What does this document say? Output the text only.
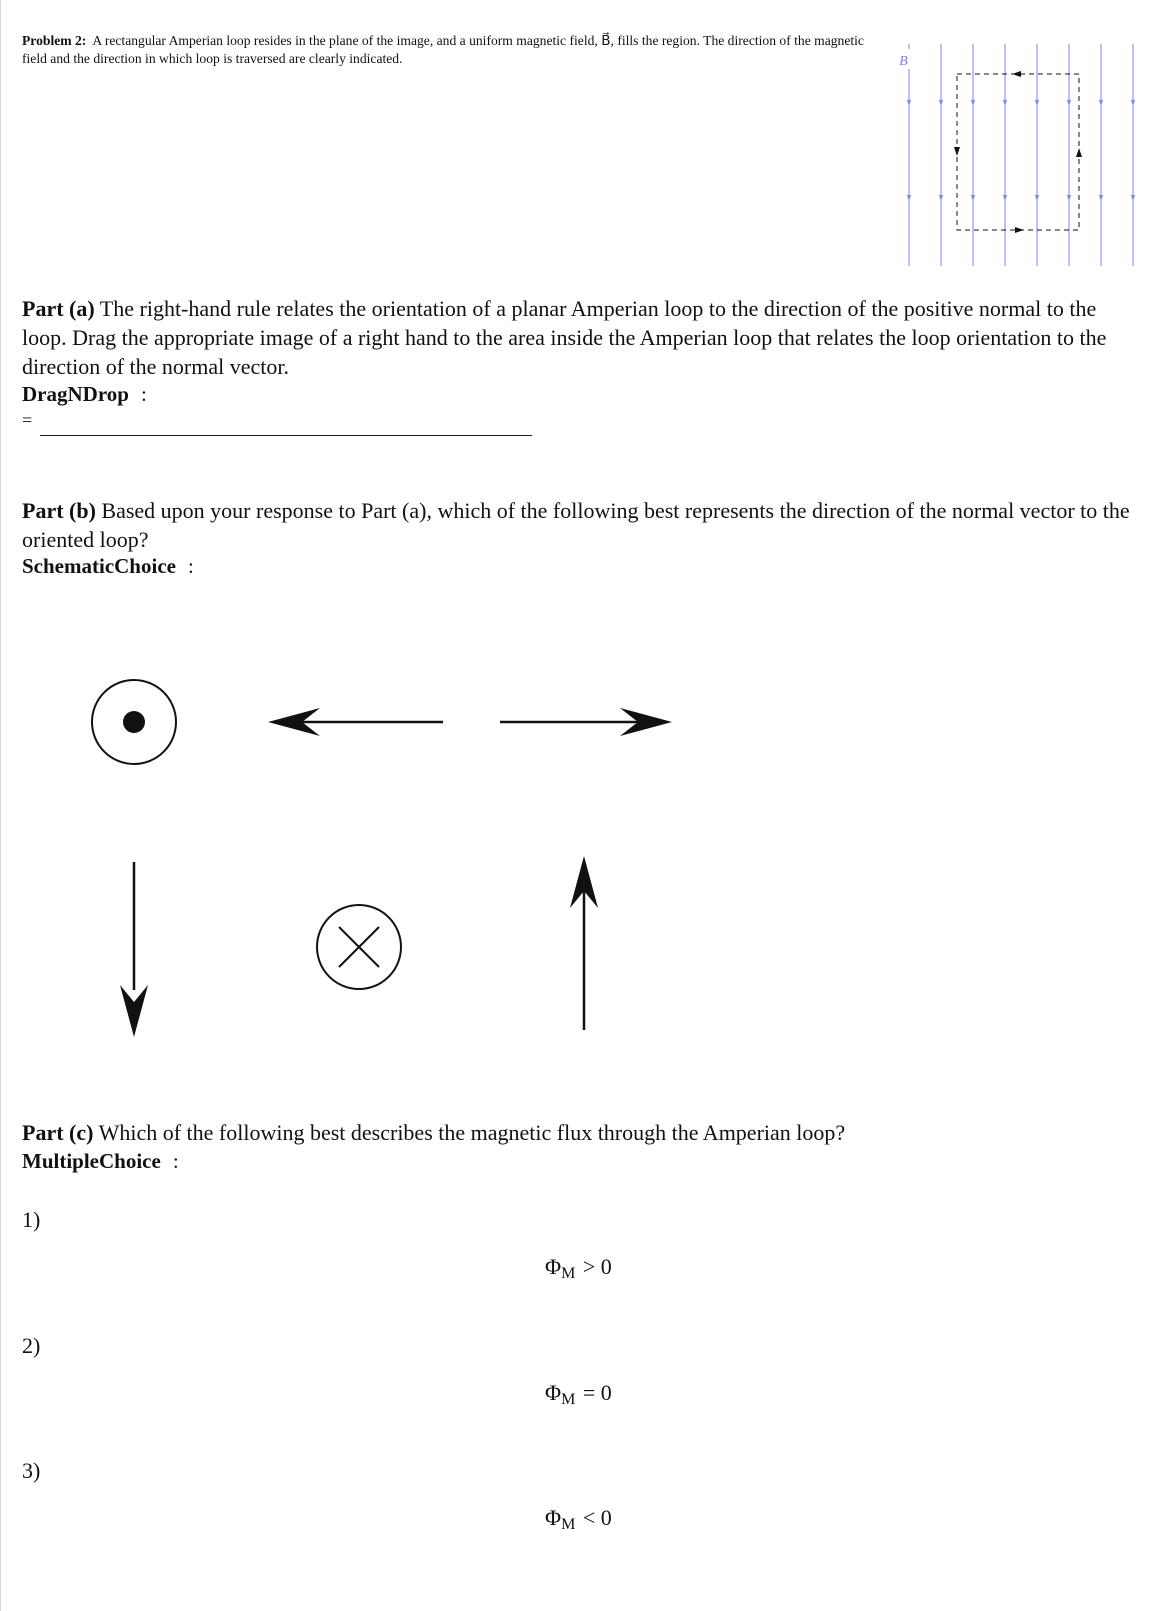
Problem 2: A rectangular Amperian loop resides in the plane of the image, and a uniform magnetic field, B⃗, fills the region. The direction of the magnetic field and the direction in which loop is traversed are clearly indicated.	B⃗
Part (a) The right-hand rule relates the orientation of a planar Amperian loop to the direction of the positive normal to the loop. Drag the appropriate image of a right hand to the area inside the Amperian loop that relates the loop orientation to the direction of the normal vector.
DragNDrop :
=
Part (b) Based upon your response to Part (a), which of the following best represents the direction of the normal vector to the oriented loop?
SchematicChoice :
Part (c) Which of the following best describes the magnetic flux through the Amperian loop?
MultipleChoice :
1)
$\Phi_M > 0$
2)
$\Phi_M = 0$
3)
$\Phi_M < 0$
